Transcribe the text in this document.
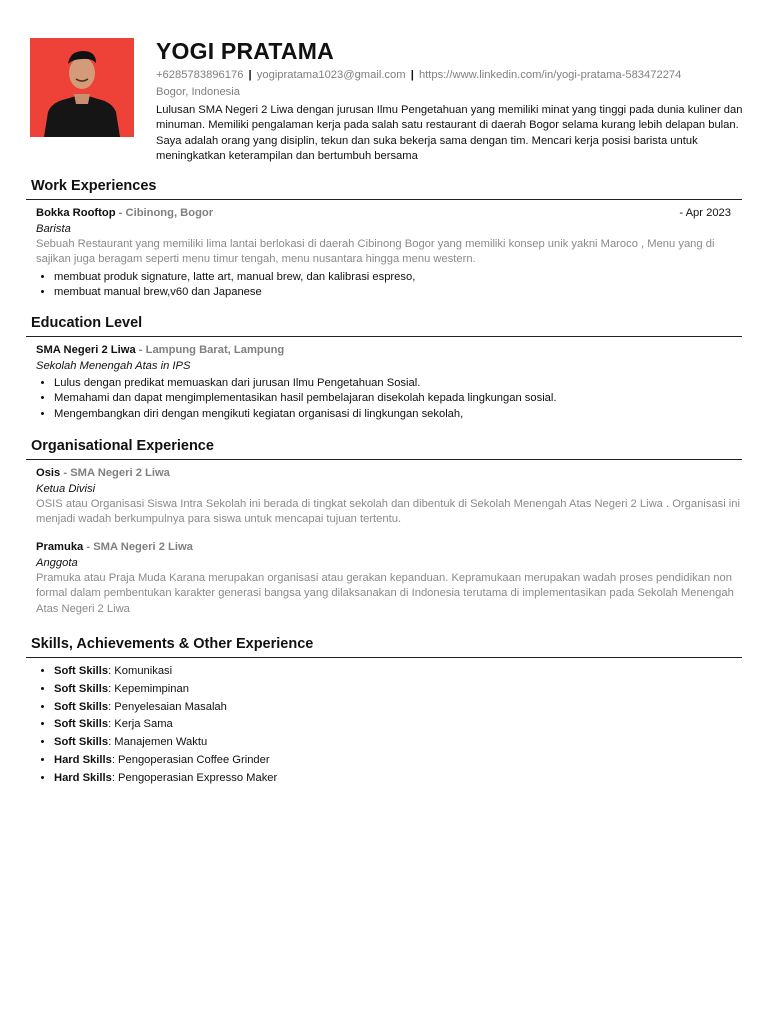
YOGI PRATAMA
+6285783896176 | yogipratama1023@gmail.com | https://www.linkedin.com/in/yogi-pratama-583472274
Bogor, Indonesia
Lulusan SMA Negeri 2 Liwa dengan jurusan Ilmu Pengetahuan yang memiliki minat yang tinggi pada dunia kuliner dan minuman. Memiliki pengalaman kerja pada salah satu restaurant di daerah Bogor selama kurang lebih delapan bulan. Saya adalah orang yang disiplin, tekun dan suka bekerja sama dengan tim. Mencari kerja posisi barista untuk meningkatkan keterampilan dan bertumbuh bersama
Work Experiences
Bokka Rooftop - Cibinong, Bogor	- Apr 2023
Barista
Sebuah Restaurant yang memiliki lima lantai berlokasi di daerah Cibinong Bogor yang memiliki konsep unik yakni Maroco , Menu yang di sajikan juga beragam seperti menu timur tengah, menu nusantara hingga menu western.
• membuat produk signature, latte art, manual brew, dan kalibrasi espreso,
• membuat manual brew,v60 dan Japanese
Education Level
SMA Negeri 2 Liwa - Lampung Barat, Lampung
Sekolah Menengah Atas in IPS
• Lulus dengan predikat memuaskan dari jurusan Ilmu Pengetahuan Sosial.
• Memahami dan dapat mengimplementasikan hasil pembelajaran disekolah kepada lingkungan sosial.
• Mengembangkan diri dengan mengikuti kegiatan organisasi di lingkungan sekolah,
Organisational Experience
Osis - SMA Negeri 2 Liwa
Ketua Divisi
OSIS atau Organisasi Siswa Intra Sekolah ini berada di tingkat sekolah dan dibentuk di Sekolah Menengah Atas Negeri 2 Liwa . Organisasi ini menjadi wadah berkumpulnya para siswa untuk mencapai tujuan tertentu.
Pramuka - SMA Negeri 2 Liwa
Anggota
Pramuka atau Praja Muda Karana merupakan organisasi atau gerakan kepanduan. Kepramukaan merupakan wadah proses pendidikan non formal dalam pembentukan karakter generasi bangsa yang dilaksanakan di Indonesia terutama di implementasikan pada Sekolah Menengah Atas Negeri 2 Liwa
Skills, Achievements & Other Experience
• Soft Skills: Komunikasi
• Soft Skills: Kepemimpinan
• Soft Skills: Penyelesaian Masalah
• Soft Skills: Kerja Sama
• Soft Skills: Manajemen Waktu
• Hard Skills: Pengoperasian Coffee Grinder
• Hard Skills: Pengoperasian Expresso Maker
